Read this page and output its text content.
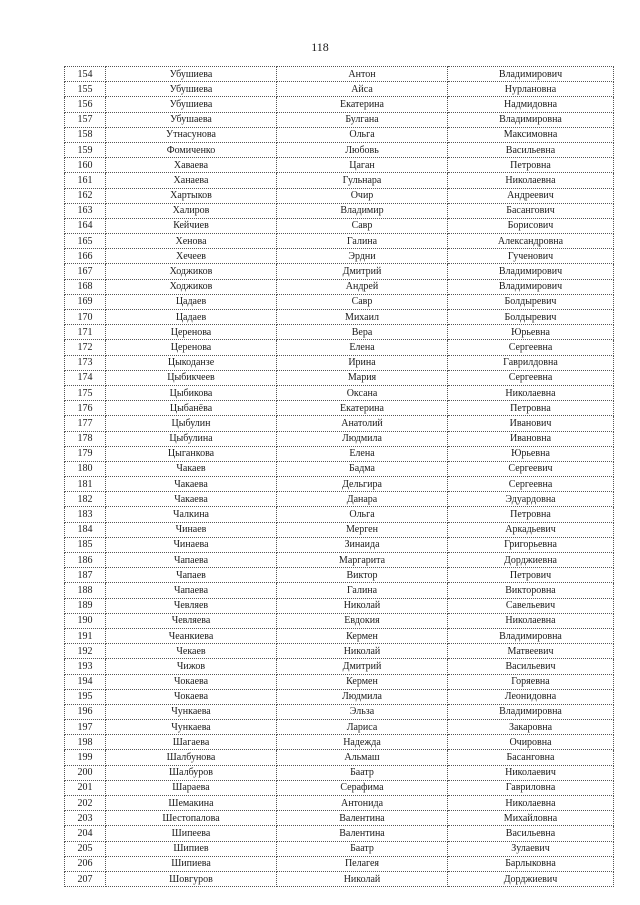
118
154	Убушиева	Антон	Владимирович
155	Убушиева	Айса	Нурлановна
156	Убушиева	Екатерина	Надмидовна
157	Убушаева	Булгана	Владимировна
158	Утнасунова	Ольга	Максимовна
159	Фомиченко	Любовь	Васильевна
160	Хаваева	Цаган	Петровна
161	Ханаева	Гульнара	Николаевна
162	Хартыков	Очир	Андреевич
163	Халиров	Владимир	Басангович
164	Кейчиев	Савр	Борисович
165	Хенова	Галина	Александровна
166	Хечеев	Эрдни	Гученович
167	Ходжиков	Дмитрий	Владимирович
168	Ходжиков	Андрей	Владимирович
169	Цадаев	Савр	Болдыревич
170	Цадаев	Михаил	Болдыревич
171	Церенова	Вера	Юрьевна
172	Церенова	Елена	Сергеевна
173	Цыкоданзе	Ирина	Гаврилдовна
174	Цыбикчеев	Мария	Сергеевна
175	Цыбикова	Оксана	Николаевна
176	Цыбанёва	Екатерина	Петровна
177	Цыбулин	Анатолий	Иванович
178	Цыбулина	Людмила	Ивановна
179	Цыганкова	Елена	Юрьевна
180	Чакаев	Бадма	Сергеевич
181	Чакаева	Дельгира	Сергеевна
182	Чакаева	Данара	Эдуардовна
183	Чалкина	Ольга	Петровна
184	Чинаев	Мерген	Аркадьевич
185	Чинаева	Зинаида	Григорьевна
186	Чапаева	Маргарита	Дорджиевна
187	Чапаев	Виктор	Петрович
188	Чапаева	Галина	Викторовна
189	Чевляев	Николай	Савельевич
190	Чевляева	Евдокия	Николаевна
191	Чеанкиева	Кермен	Владимировна
192	Чекаев	Николай	Матвеевич
193	Чижов	Дмитрий	Васильевич
194	Чокаева	Кермен	Горяевна
195	Чокаева	Людмила	Леонидовна
196	Чункаева	Эльза	Владимировна
197	Чункаева	Лариса	Закаровна
198	Шагаева	Надежда	Очировна
199	Шалбунова	Альмаш	Басанговна
200	Шалбуров	Баатр	Николаевич
201	Шараева	Серафима	Гавриловна
202	Шемакина	Антонида	Николаевна
203	Шестопалова	Валентина	Михайловна
204	Шипеева	Валентина	Васильевна
205	Шипиев	Баатр	Зулаевич
206	Шипиева	Пелагея	Барлыковна
207	Шовгуров	Николай	Дорджиевич
